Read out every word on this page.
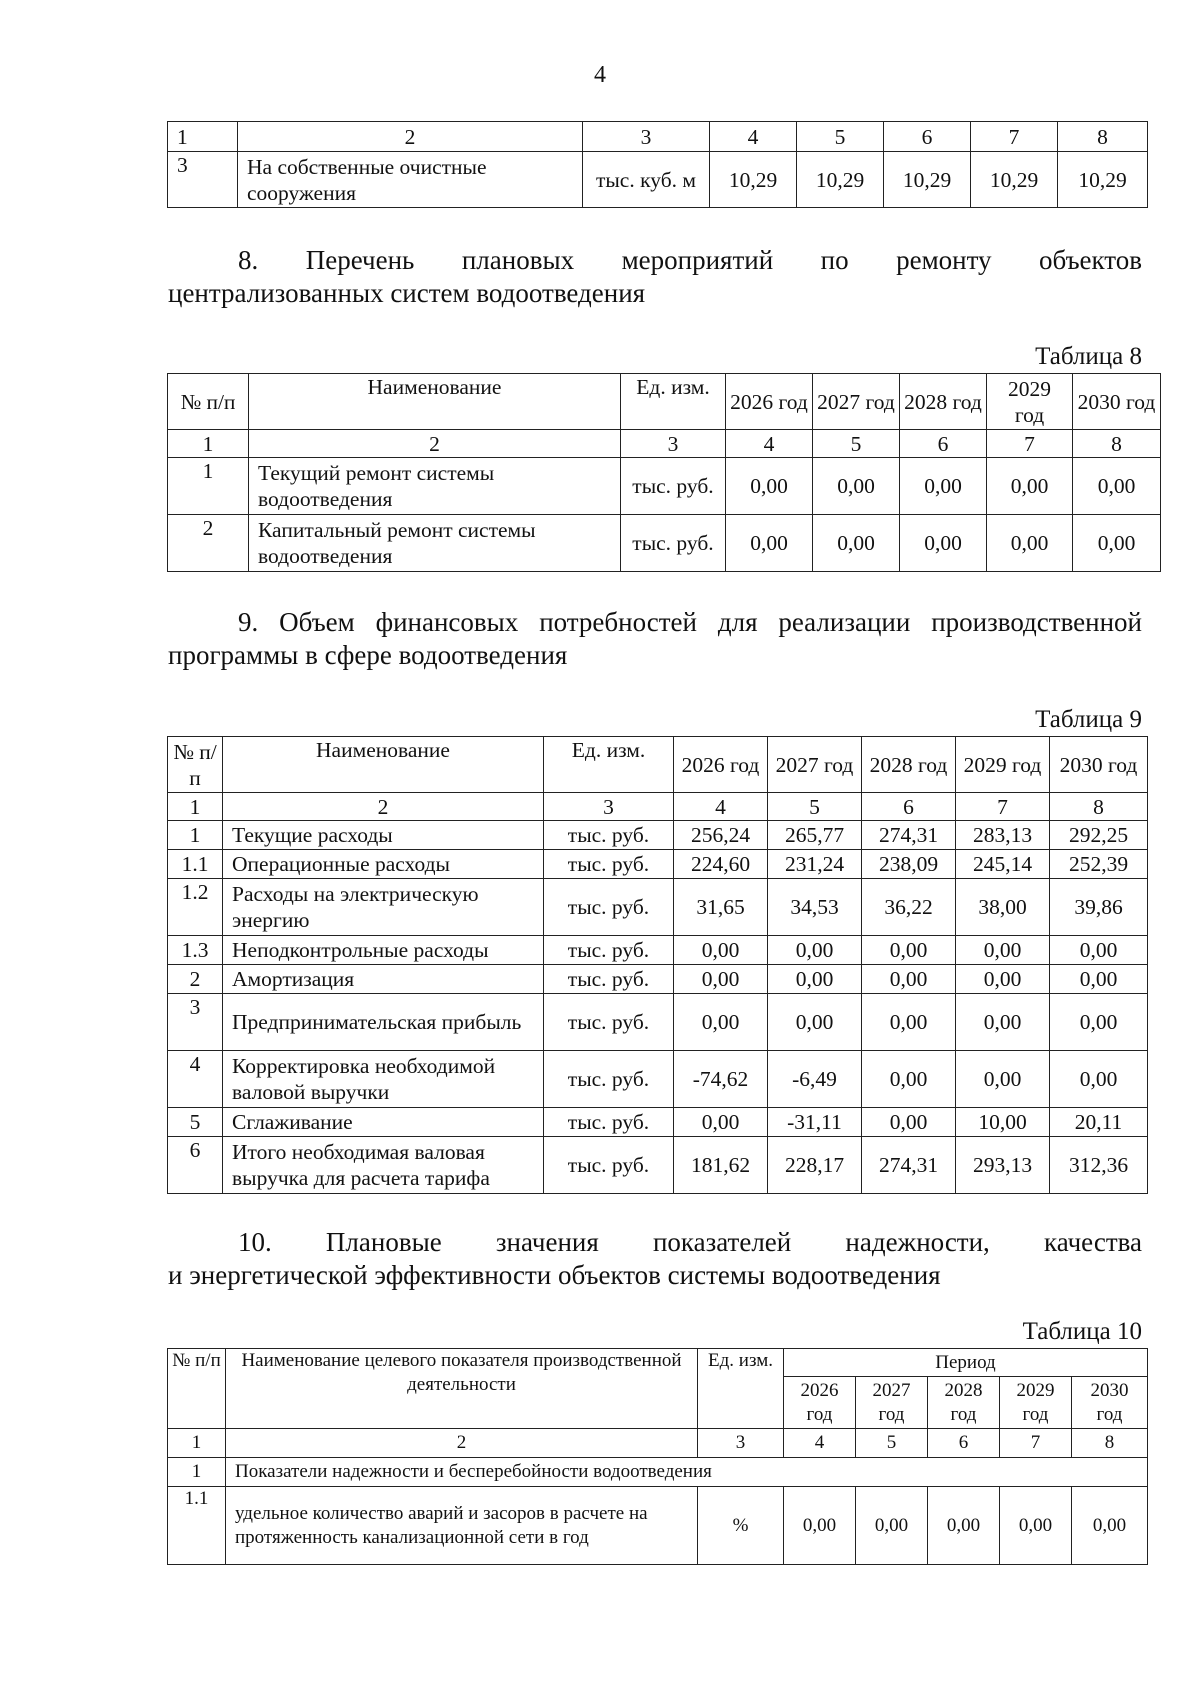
4
1	2	3	4	5	6	7	8
3	На собственные очистные сооружения	тыс. куб. м	10,29	10,29	10,29	10,29	10,29
8. Перечень плановых мероприятий по ремонту объектов
централизованных систем водоотведения
Таблица 8
№ п/п	Наименование	Ед. изм.	2026 год	2027 год	2028 год	2029 год	2030 год
1	2	3	4	5	6	7	8
1	Текущий ремонт системы водоотведения	тыс. руб.	0,00	0,00	0,00	0,00	0,00
2	Капитальный ремонт системы водоотведения	тыс. руб.	0,00	0,00	0,00	0,00	0,00
9. Объем финансовых потребностей для реализации производственной
программы в сфере водоотведения
Таблица 9
№ п/п	Наименование	Ед. изм.	2026 год	2027 год	2028 год	2029 год	2030 год
1	2	3	4	5	6	7	8
1	Текущие расходы	тыс. руб.	256,24	265,77	274,31	283,13	292,25
1.1	Операционные расходы	тыс. руб.	224,60	231,24	238,09	245,14	252,39
1.2	Расходы на электрическую энергию	тыс. руб.	31,65	34,53	36,22	38,00	39,86
1.3	Неподконтрольные расходы	тыс. руб.	0,00	0,00	0,00	0,00	0,00
2	Амортизация	тыс. руб.	0,00	0,00	0,00	0,00	0,00
3	Предпринимательская прибыль	тыс. руб.	0,00	0,00	0,00	0,00	0,00
4	Корректировка необходимой валовой выручки	тыс. руб.	-74,62	-6,49	0,00	0,00	0,00
5	Сглаживание	тыс. руб.	0,00	-31,11	0,00	10,00	20,11
6	Итого необходимая валовая выручка для расчета тарифа	тыс. руб.	181,62	228,17	274,31	293,13	312,36
10. Плановые значения показателей надежности, качества
и энергетической эффективности объектов системы водоотведения
Таблица 10
№ п/п	Наименование целевого показателя производственной деятельности	Ед. изм.	Период				
			2026 год	2027 год	2028 год	2029 год	2030 год
1	2	3	4	5	6	7	8
1	Показатели надежности и бесперебойности водоотведения						
1.1	удельное количество аварий и засоров в расчете на протяженность канализационной сети в год	%	0,00	0,00	0,00	0,00	0,00
